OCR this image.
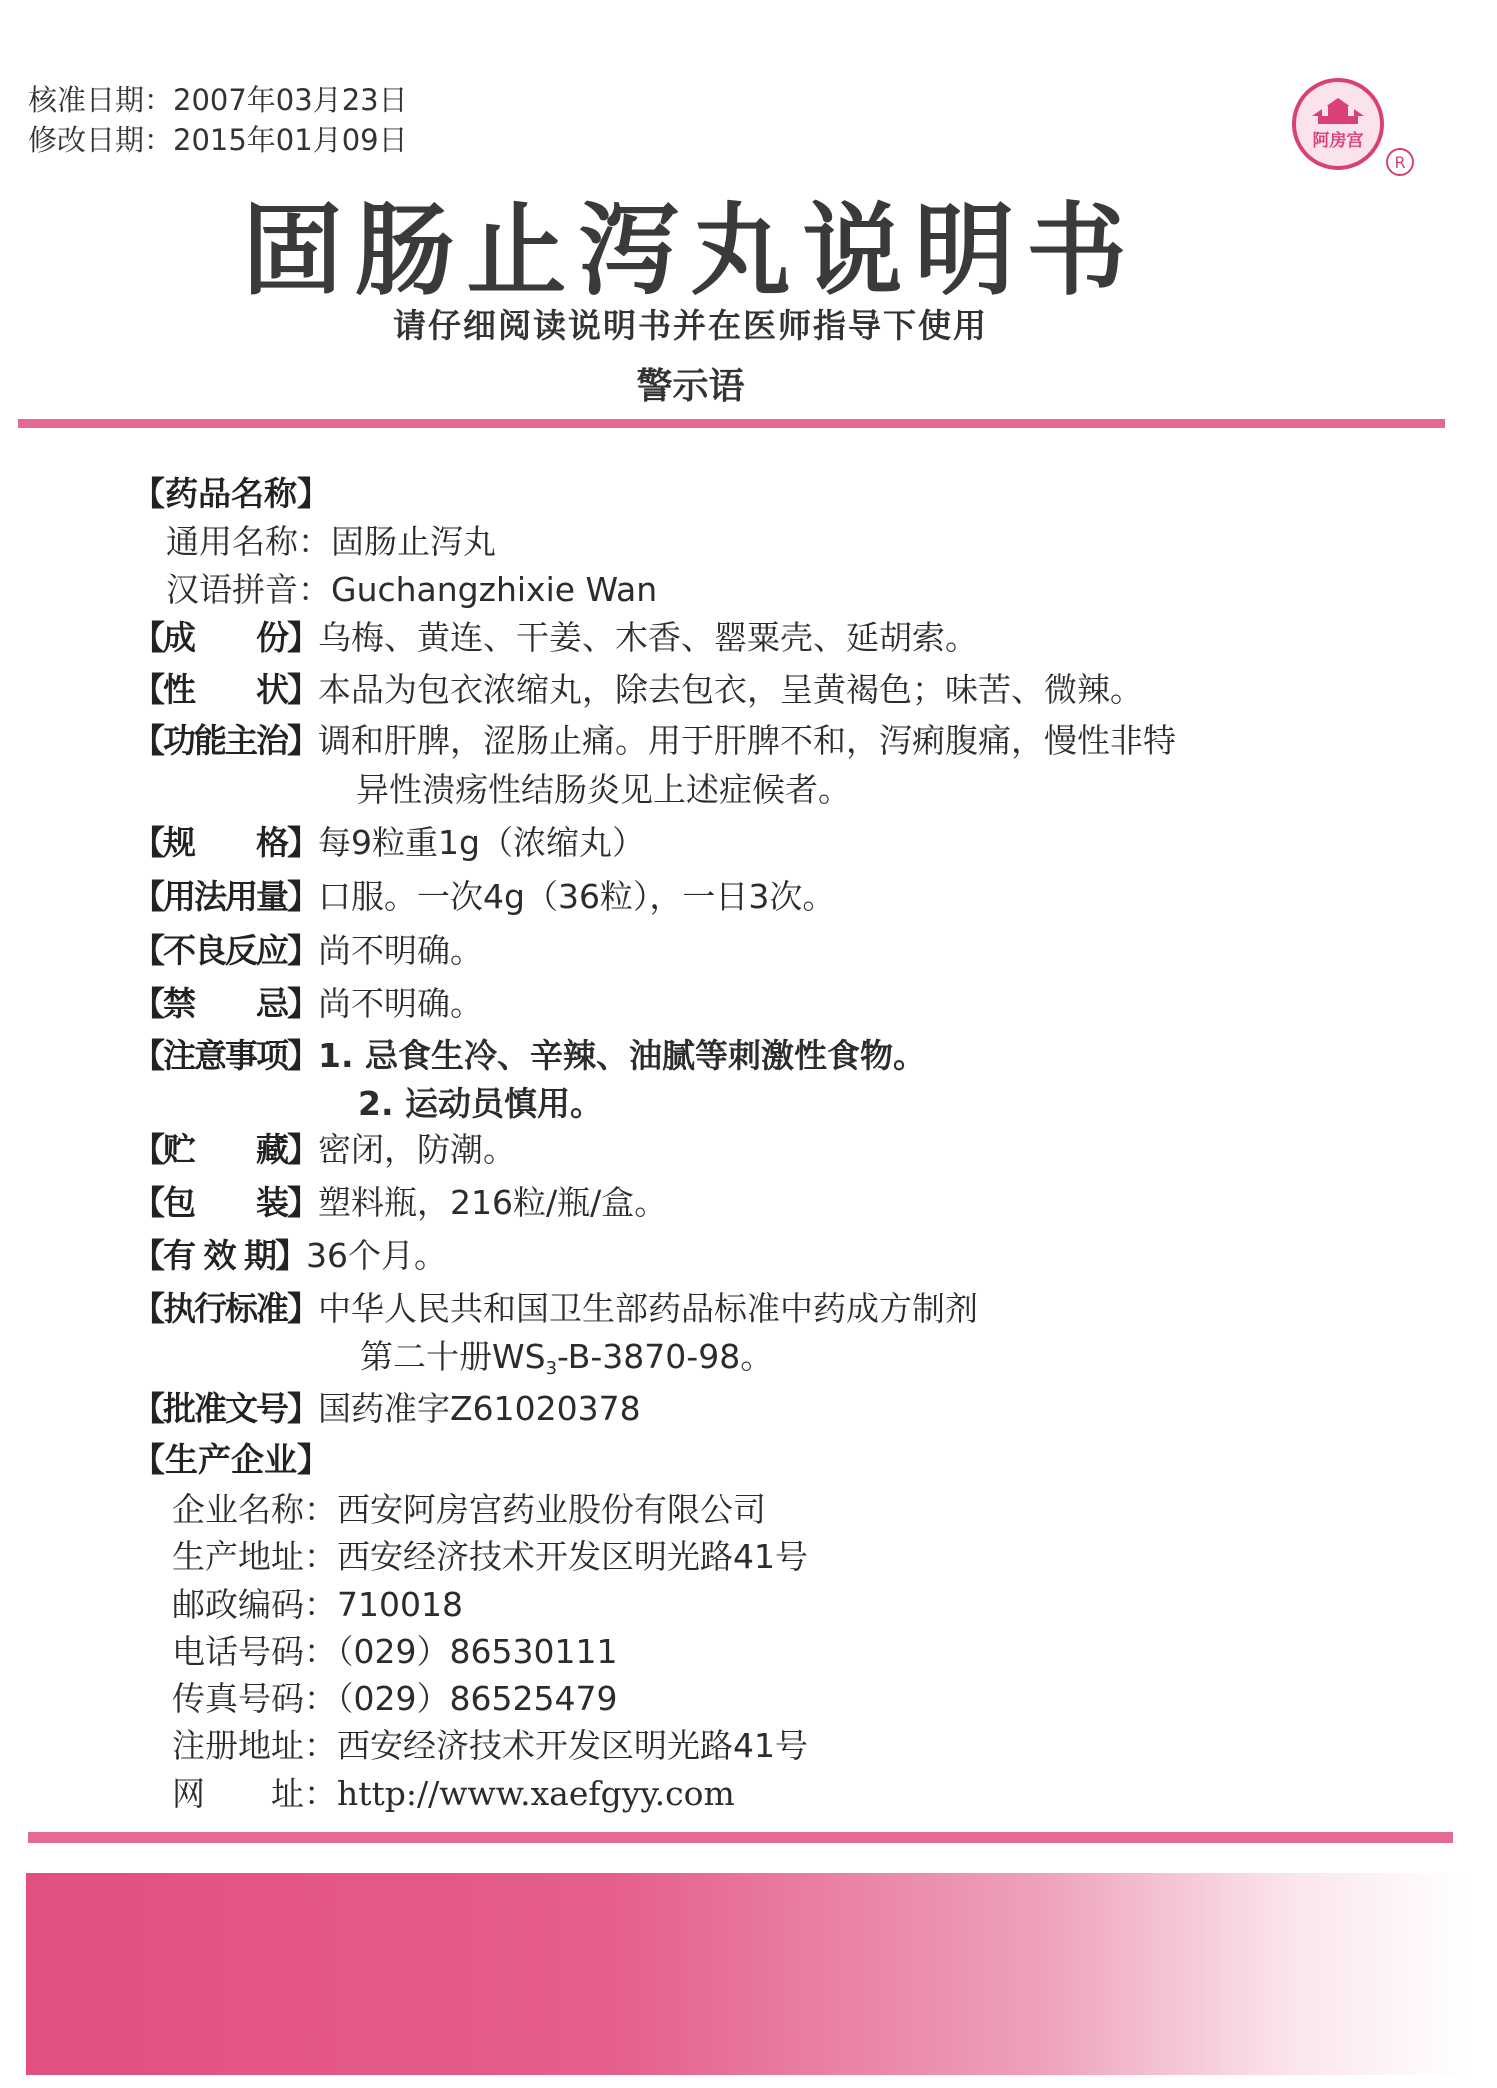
核准日期：2007年03月23日
修改日期：2015年01月09日	阿房宫
R
固肠止泻丸说明书
请仔细阅读说明书并在医师指导下使用
警示语
【药品名称】
通用名称：固肠止泻丸
汉语拼音：Guchangzhixie Wan
【成　　份】乌梅、黄连、干姜、木香、罂粟壳、延胡索。
【性　　状】本品为包衣浓缩丸，除去包衣，呈黄褐色；味苦、微辣。
【功能主治】调和肝脾，涩肠止痛。用于肝脾不和，泻痢腹痛，慢性非特
异性溃疡性结肠炎见上述症候者。
【规　　格】每9粒重1g（浓缩丸）
【用法用量】口服。一次4g（36粒），一日3次。
【不良反应】尚不明确。
【禁　　忌】尚不明确。
【注意事项】1. 忌食生冷、辛辣、油腻等刺激性食物。
2. 运动员慎用。
【贮　　藏】密闭，防潮。
【包　　装】塑料瓶，216粒/瓶/盒。
【有 效 期】36个月。
【执行标准】中华人民共和国卫生部药品标准中药成方制剂
第二十册$WS_3-B-3870-98$。
【批准文号】国药准字Z61020378
【生产企业】
企业名称：西安阿房宫药业股份有限公司
生产地址：西安经济技术开发区明光路41号
邮政编码：710018
电话号码：（029）86530111
传真号码：（029）86525479
注册地址：西安经济技术开发区明光路41号
网　　址：http://www.xaefgyy.com
